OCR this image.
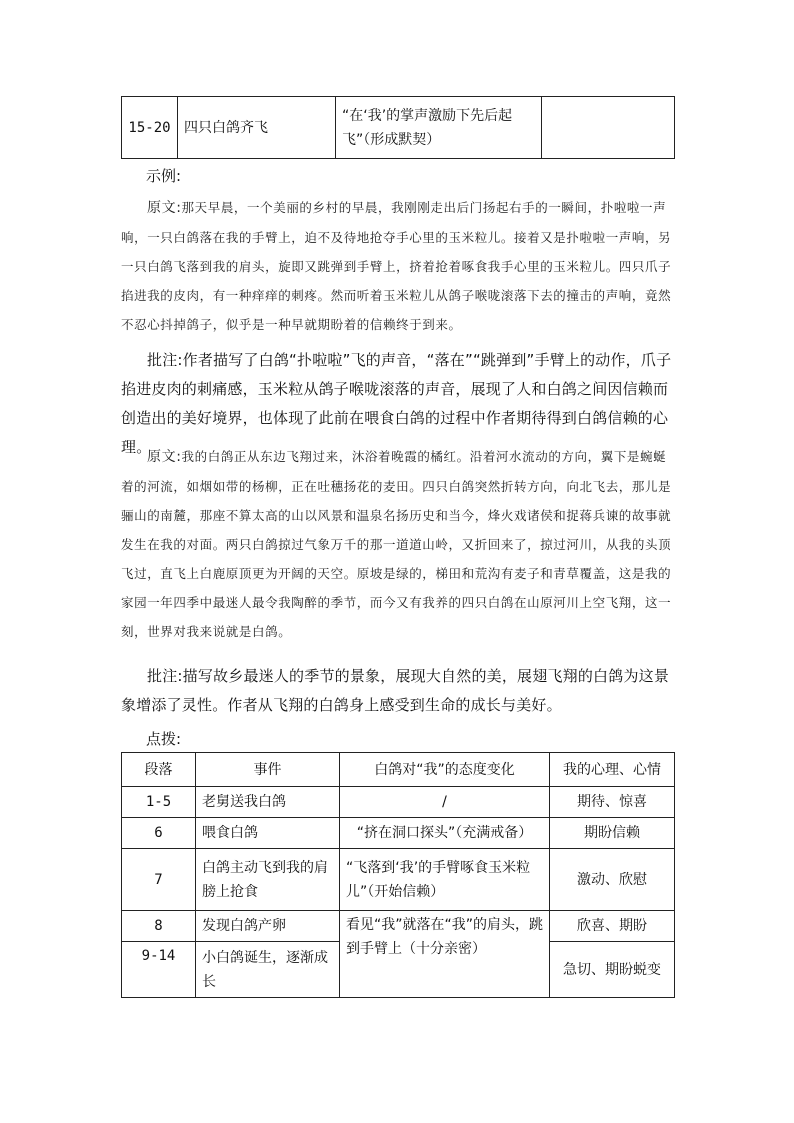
15-20	四只白鸽齐飞	“在‘我’的掌声激励下先后起飞”（形成默契）	
示例:
原文:那天早晨，一个美丽的乡村的早晨，我刚刚走出后门扬起右手的一瞬间，扑啦啦一声响，一只白鸽落在我的手臂上，迫不及待地抢夺手心里的玉米粒儿。接着又是扑啦啦一声响，另一只白鸽飞落到我的肩头，旋即又跳弹到手臂上，挤着抢着啄食我手心里的玉米粒儿。四只爪子掐进我的皮肉，有一种痒痒的刺疼。然而听着玉米粒儿从鸽子喉咙滚落下去的撞击的声响，竟然不忍心抖掉鸽子，似乎是一种早就期盼着的信赖终于到来。
批注:作者描写了白鸽“扑啦啦”飞的声音，“落在”“跳弹到”手臂上的动作，爪子掐进皮肉的刺痛感，玉米粒从鸽子喉咙滚落的声音，展现了人和白鸽之间因信赖而创造出的美好境界，也体现了此前在喂食白鸽的过程中作者期待得到白鸽信赖的心理。
原文:我的白鸽正从东边飞翔过来，沐浴着晚霞的橘红。沿着河水流动的方向，翼下是蜿蜒着的河流，如烟如带的杨柳，正在吐穗扬花的麦田。四只白鸽突然折转方向，向北飞去，那儿是骊山的南麓，那座不算太高的山以风景和温泉名扬历史和当今，烽火戏诸侯和捉蒋兵谏的故事就发生在我的对面。两只白鸽掠过气象万千的那一道道山岭，又折回来了，掠过河川，从我的头顶飞过，直飞上白鹿原顶更为开阔的天空。原坡是绿的，梯田和荒沟有麦子和青草覆盖，这是我的家园一年四季中最迷人最令我陶醉的季节，而今又有我养的四只白鸽在山原河川上空飞翔，这一刻，世界对我来说就是白鸽。
批注:描写故乡最迷人的季节的景象，展现大自然的美，展翅飞翔的白鸽为这景象增添了灵性。作者从飞翔的白鸽身上感受到生命的成长与美好。
点拨:
段落	事件	白鸽对“我”的态度变化	我的心理、心情
1-5	老舅送我白鸽	/	期待、惊喜
6	喂食白鸽	“挤在洞口探头”（充满戒备）	期盼信赖
7	白鸽主动飞到我的肩膀上抢食	“飞落到‘我’的手臂啄食玉米粒儿”（开始信赖）	激动、欣慰
8	发现白鸽产卵	看见“我”就落在“我”的肩头，跳到手臂上（十分亲密）	欣喜、期盼
9-14	小白鸽诞生，逐渐成长		急切、期盼蜕变
